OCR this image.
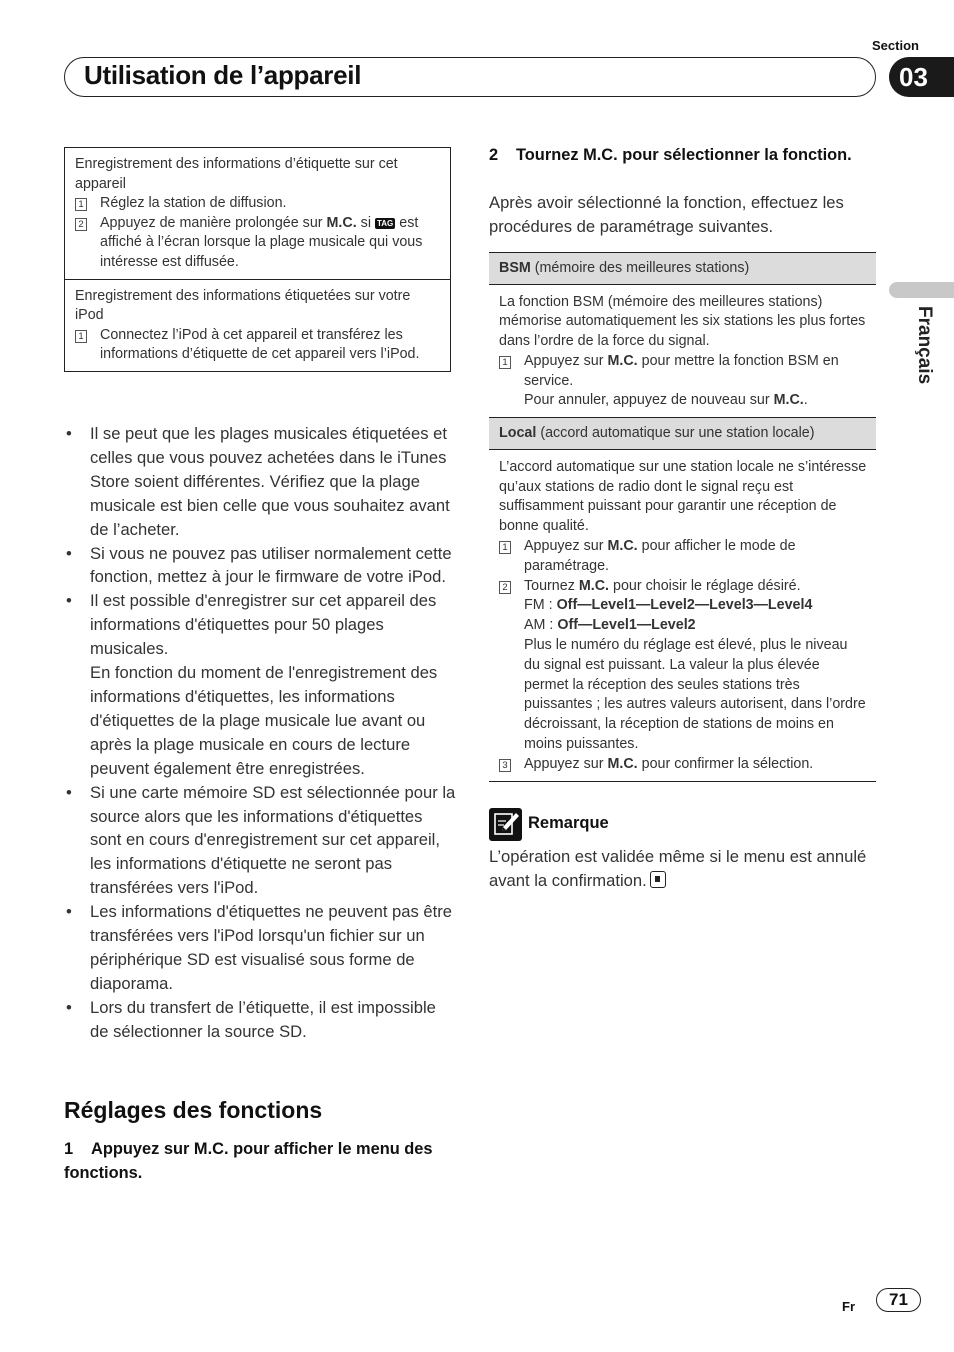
Section
Utilisation de l’appareil	03
Français
Enregistrement des informations d’étiquette sur cet appareil
1 Réglez la station de diffusion.
2 Appuyez de manière prolongée sur M.C. si TAG est affiché à l’écran lorsque la plage musicale qui vous intéresse est diffusée.
Enregistrement des informations étiquetées sur votre iPod
1 Connectez l’iPod à cet appareil et transférez les informations d’étiquette de cet appareil vers l’iPod.
• Il se peut que les plages musicales étiquetées et celles que vous pouvez achetées dans le iTunes Store soient différentes. Vérifiez que la plage musicale est bien celle que vous souhaitez avant de l’acheter.
• Si vous ne pouvez pas utiliser normalement cette fonction, mettez à jour le firmware de votre iPod.
• Il est possible d'enregistrer sur cet appareil des informations d'étiquettes pour 50 plages musicales.
En fonction du moment de l'enregistrement des informations d'étiquettes, les informations d'étiquettes de la plage musicale lue avant ou après la plage musicale en cours de lecture peuvent également être enregistrées.
• Si une carte mémoire SD est sélectionnée pour la source alors que les informations d'étiquettes sont en cours d'enregistrement sur cet appareil, les informations d'étiquette ne seront pas transférées vers l'iPod.
• Les informations d'étiquettes ne peuvent pas être transférées vers l'iPod lorsqu'un fichier sur un périphérique SD est visualisé sous forme de diaporama.
• Lors du transfert de l’étiquette, il est impossible de sélectionner la source SD.
Réglages des fonctions
1 Appuyez sur M.C. pour afficher le menu des fonctions.
2 Tournez M.C. pour sélectionner la fonction.
Après avoir sélectionné la fonction, effectuez les procédures de paramétrage suivantes.
BSM (mémoire des meilleures stations)

La fonction BSM (mémoire des meilleures stations) mémorise automatiquement les six stations les plus fortes dans l’ordre de la force du signal.

1 Appuyez sur M.C. pour mettre la fonction BSM en service.
Pour annuler, appuyez de nouveau sur M.C..
Local (accord automatique sur une station locale)

L’accord automatique sur une station locale ne s’intéresse qu’aux stations de radio dont le signal reçu est suffisamment puissant pour garantir une réception de bonne qualité.

1 Appuyez sur M.C. pour afficher le mode de paramétrage.
2 Tournez M.C. pour choisir le réglage désiré.
FM : Off—Level1—Level2—Level3—Level4
AM : Off—Level1—Level2
Plus le numéro du réglage est élevé, plus le niveau du signal est puissant. La valeur la plus élevée permet la réception des seules stations très puissantes ; les autres valeurs autorisent, dans l’ordre décroissant, la réception de stations de moins en moins puissantes.
3 Appuyez sur M.C. pour confirmer la sélection.
Remarque
L’opération est validée même si le menu est annulé avant la confirmation.
Fr	71
